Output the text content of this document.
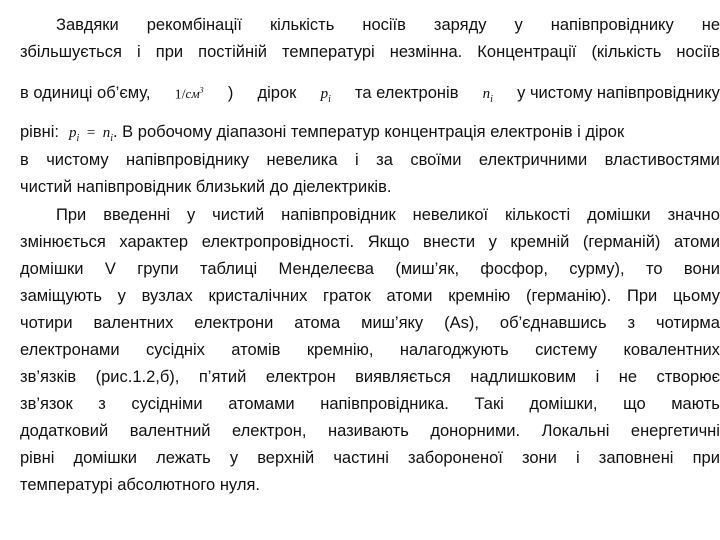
Завдяки рекомбінації кількість носіїв заряду у напівпровіднику не
збільшується і при постійній температурі незмінна. Концентрації (кількість носіїв
в одиниці об’єму, $1/см^3$ ) дірок $p_i$ та електронів $n_i$ у чистому напівпровіднику
рівні: $p_i = n_i$ . В робочому діапазоні температур концентрація електронів і дірок
в чистому напівпровіднику невелика і за своїми електричними властивостями
чистий напівпровідник близький до діелектриків.
При введенні у чистий напівпровідник невеликої кількості домішки значно
змінюється характер електропровідності. Якщо внести у кремній (германій) атоми
домішки V групи таблиці Менделеєва (миш’як, фосфор, сурму), то вони
заміщують у вузлах кристалічних граток атоми кремнію (германію). При цьому
чотири валентних електрони атома миш’яку (As), об’єднавшись з чотирма
електронами сусідніх атомів кремнію, налагоджують систему ковалентних
зв’язків (рис.1.2,б), п’ятий електрон виявляється надлишковим і не створює
зв’язок з сусідніми атомами напівпровідника. Такі домішки, що мають
додатковий валентний електрон, називають донорними. Локальні енергетичні
рівні домішки лежать у верхній частині забороненої зони і заповнені при
температурі абсолютного нуля.
